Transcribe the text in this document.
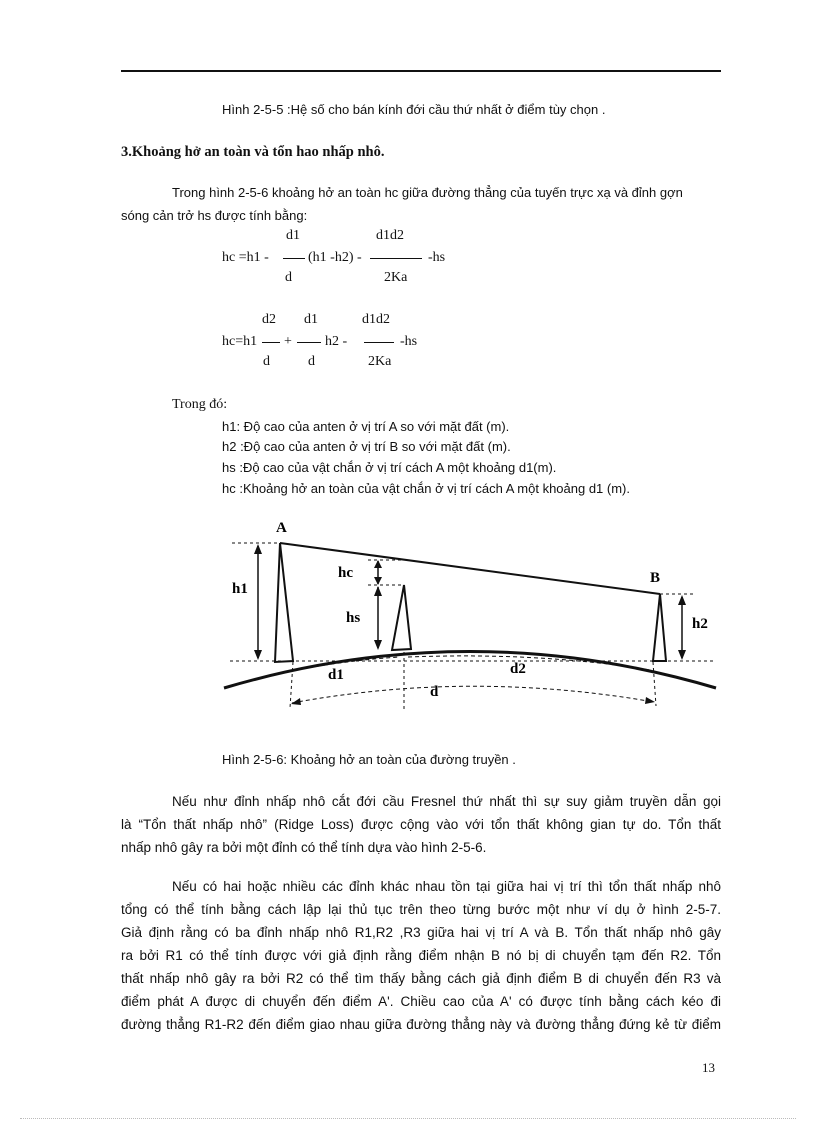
Hình 2-5-5 :Hệ số cho bán kính đới cầu thứ nhất ở điểm tùy chọn .
3.Khoảng hở an toàn và tổn hao nhấp nhô.
Trong hình 2-5-6 khoảng hở an toàn hc giữa đường thẳng của tuyến trực xạ và đỉnh gợn
sóng cản trở hs được tính bằng:
d1	d1d2
hc =h1 -	(h1 -h2) -	-hs
d	2Ka
d2 d1	d1d2
hc=h1 + h2 -	-hs
d	d	2Ka
Trong đó:
h1: Độ cao của anten ở vị trí A so với mặt đất (m).
h2 :Độ cao của anten ở vị trí B so với mặt đất (m).
hs :Độ cao của vật chắn ở vị trí cách A một khoảng d1(m).
hc :Khoảng hở an toàn của vật chắn ở vị trí cách A một khoảng d1 (m).
A
B
h1
hc
hs	h2
d1	d2
d
Hình 2-5-6: Khoảng hở an toàn của đường truyền .
Nếu như đỉnh nhấp nhô cắt đới cầu Fresnel thứ nhất thì sự suy giảm truyền dẫn gọi
là “Tổn thất nhấp nhô” (Ridge Loss) được cộng vào với tổn thất không gian tự do. Tổn thất
nhấp nhô gây ra bởi một đỉnh có thể tính dựa vào hình 2-5-6.
Nếu có hai hoặc nhiều các đỉnh khác nhau tồn tại giữa hai vị trí thì tổn thất nhấp nhô
tổng có thể tính bằng cách lập lại thủ tục trên theo từng bước một như ví dụ ở hình 2-5-7.
Giả định rằng có ba đỉnh nhấp nhô R1,R2 ,R3 giữa hai vị trí A và B. Tổn thất nhấp nhô gây
ra bởi R1 có thể tính được với giả định rằng điểm nhận B nó bị di chuyển tạm đến R2. Tổn
thất nhấp nhô gây ra bởi R2 có thể tìm thấy bằng cách giả định điểm B di chuyển đến R3 và
điểm phát A được di chuyển đến điểm A'. Chiều cao của A' có được tính bằng cách kéo đi
đường thẳng R1-R2 đến điểm giao nhau giữa đường thẳng này và đường thẳng đứng kẻ từ điểm
13
